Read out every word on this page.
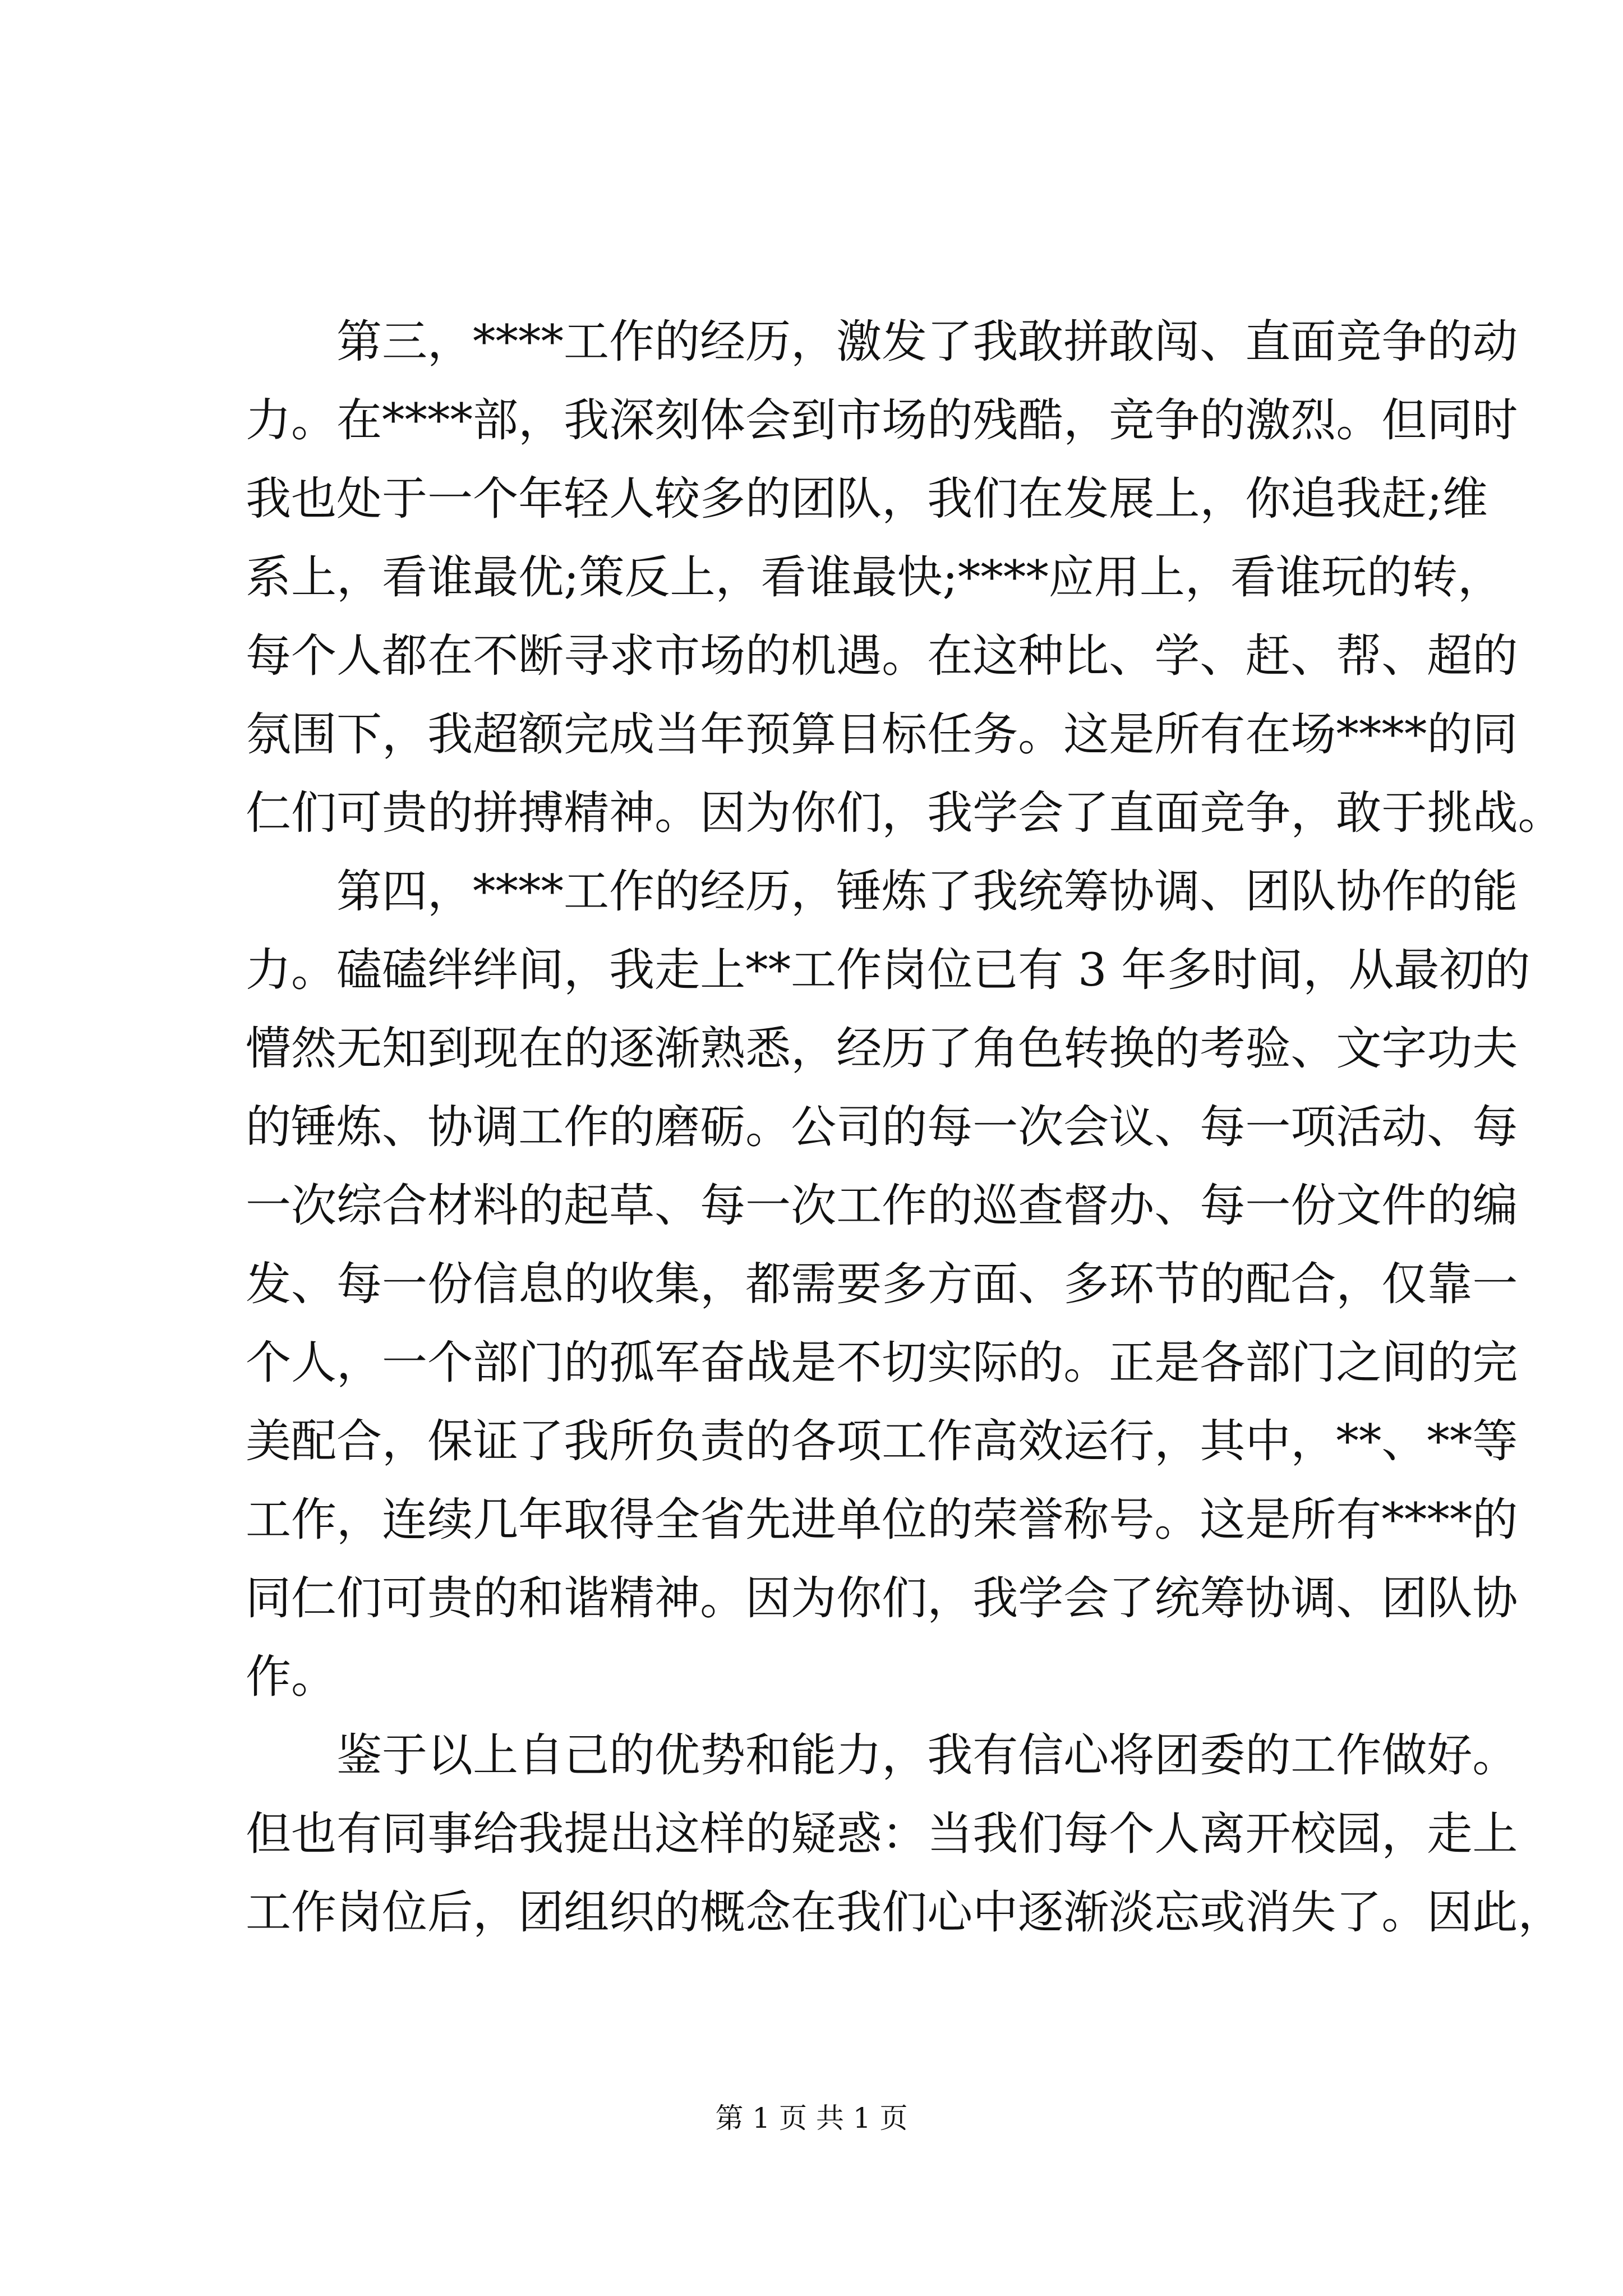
第 三 ， * * * * 工 作 的 经 历 ， 激 发 了 我 敢 拼 敢 闯 、 直 面 竞 争 的 动
力 。 在 * * * * 部 ， 我 深 刻 体 会 到 市 场 的 残 酷 ， 竞 争 的 激 烈 。 但 同 时
我 也 处 于 一 个 年 轻 人 较 多 的 团 队 ， 我 们 在 发 展 上 ， 你 追 我 赶 ; 维
系 上 ， 看 谁 最 优 ; 策 反 上 ， 看 谁 最 快 ; * * * * 应 用 上 ， 看 谁 玩 的 转 ，
每 个 人 都 在 不 断 寻 求 市 场 的 机 遇 。 在 这 种 比 、 学 、 赶 、 帮 、 超 的
氛 围 下 ， 我 超 额 完 成 当 年 预 算 目 标 任 务 。 这 是 所 有 在 场 * * * * 的 同
仁 们 可 贵 的 拼 搏 精 神 。 因 为 你 们 ， 我 学 会 了 直 面 竞 争 ， 敢 于 挑 战 。
第 四 ， * * * * 工 作 的 经 历 ， 锤 炼 了 我 统 筹 协 调 、 团 队 协 作 的 能
力 。 磕 磕 绊 绊 间 ， 我 走 上 * * 工 作 岗 位 已 有
3
年 多 时 间 ， 从 最 初 的
懵 然 无 知 到 现 在 的 逐 渐 熟 悉 ， 经 历 了 角 色 转 换 的 考 验 、 文 字 功 夫
的 锤 炼 、 协 调 工 作 的 磨 砺 。 公 司 的 每 一 次 会 议 、 每 一 项 活 动 、 每
一 次 综 合 材 料 的 起 草 、 每 一 次 工 作 的 巡 查 督 办 、 每 一 份 文 件 的 编
发 、 每 一 份 信 息 的 收 集 ， 都 需 要 多 方 面 、 多 环 节 的 配 合 ， 仅 靠 一
个 人 ， 一 个 部 门 的 孤 军 奋 战 是 不 切 实 际 的 。 正 是 各 部 门 之 间 的 完
美 配 合 ， 保 证 了 我 所 负 责 的 各 项 工 作 高 效 运 行 ， 其 中 ， * * 、 * * 等
工 作 ， 连 续 几 年 取 得 全 省 先 进 单 位 的 荣 誉 称 号 。 这 是 所 有 * * * * 的
同 仁 们 可 贵 的 和 谐 精 神 。 因 为 你 们 ， 我 学 会 了 统 筹 协 调 、 团 队 协
作 。
鉴 于 以 上 自 己 的 优 势 和 能 力 ， 我 有 信 心 将 团 委 的 工 作 做 好 。
但 也 有 同 事 给 我 提 出 这 样 的 疑 惑 ： 当 我 们 每 个 人 离 开 校 园 ， 走 上
工 作 岗 位 后 ， 团 组 织 的 概 念 在 我 们 心 中 逐 渐 淡 忘 或 消 失 了 。 因 此 ，
第 1 页 共 1 页
